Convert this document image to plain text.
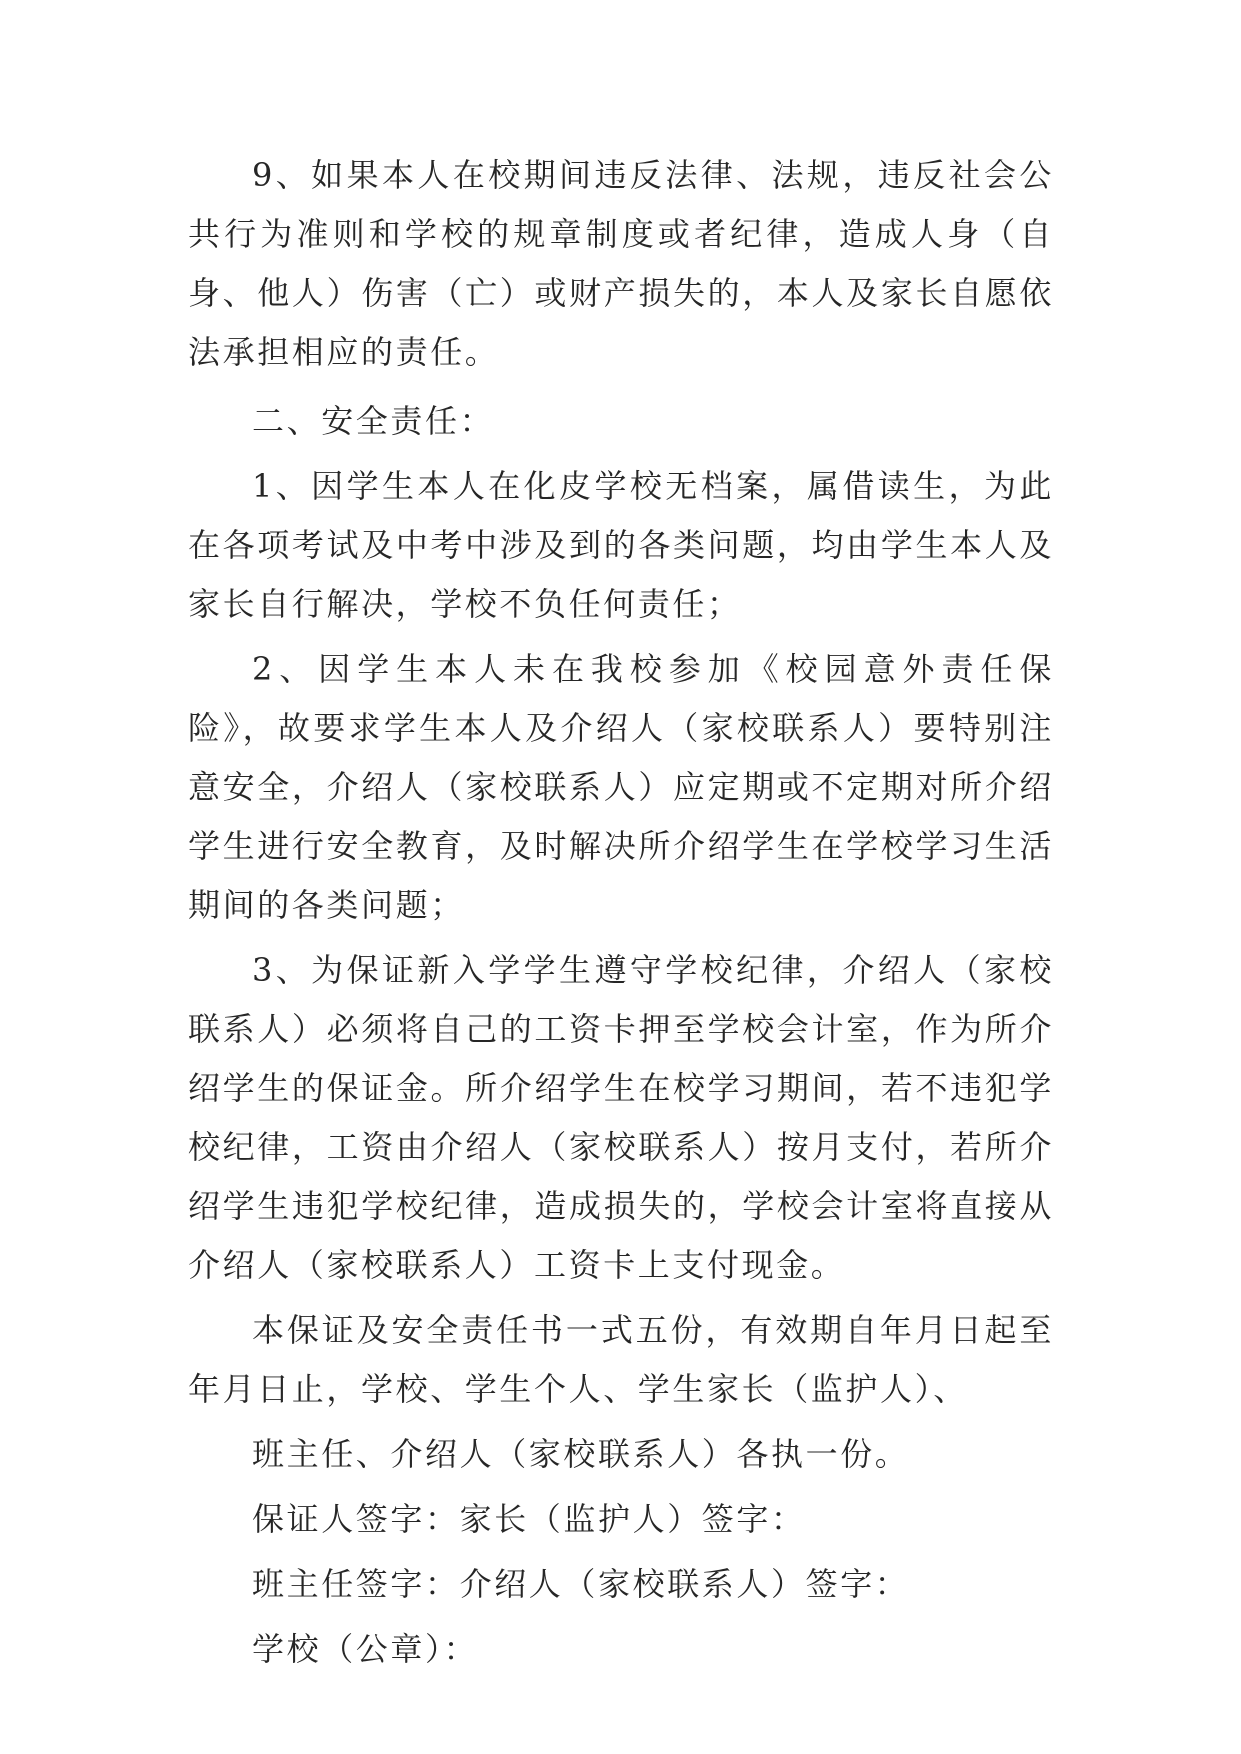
9、如果本人在校期间违反法律、法规，违反社会公共行为准则和学校的规章制度或者纪律，造成人身（自身、他人）伤害（亡）或财产损失的，本人及家长自愿依法承担相应的责任。

二、安全责任：

1、因学生本人在化皮学校无档案，属借读生，为此在各项考试及中考中涉及到的各类问题，均由学生本人及家长自行解决，学校不负任何责任；

2、因学生本人未在我校参加《校园意外责任保险》，故要求学生本人及介绍人（家校联系人）要特别注意安全，介绍人（家校联系人）应定期或不定期对所介绍学生进行安全教育，及时解决所介绍学生在学校学习生活期间的各类问题；

3、为保证新入学学生遵守学校纪律，介绍人（家校联系人）必须将自己的工资卡押至学校会计室，作为所介绍学生的保证金。所介绍学生在校学习期间，若不违犯学校纪律，工资由介绍人（家校联系人）按月支付，若所介绍学生违犯学校纪律，造成损失的，学校会计室将直接从介绍人（家校联系人）工资卡上支付现金。

本保证及安全责任书一式五份，有效期自年月日起至年月日止，学校、学生个人、学生家长（监护人）、

班主任、介绍人（家校联系人）各执一份。

保证人签字：家长（监护人）签字：

班主任签字：介绍人（家校联系人）签字：

学校（公章）：
